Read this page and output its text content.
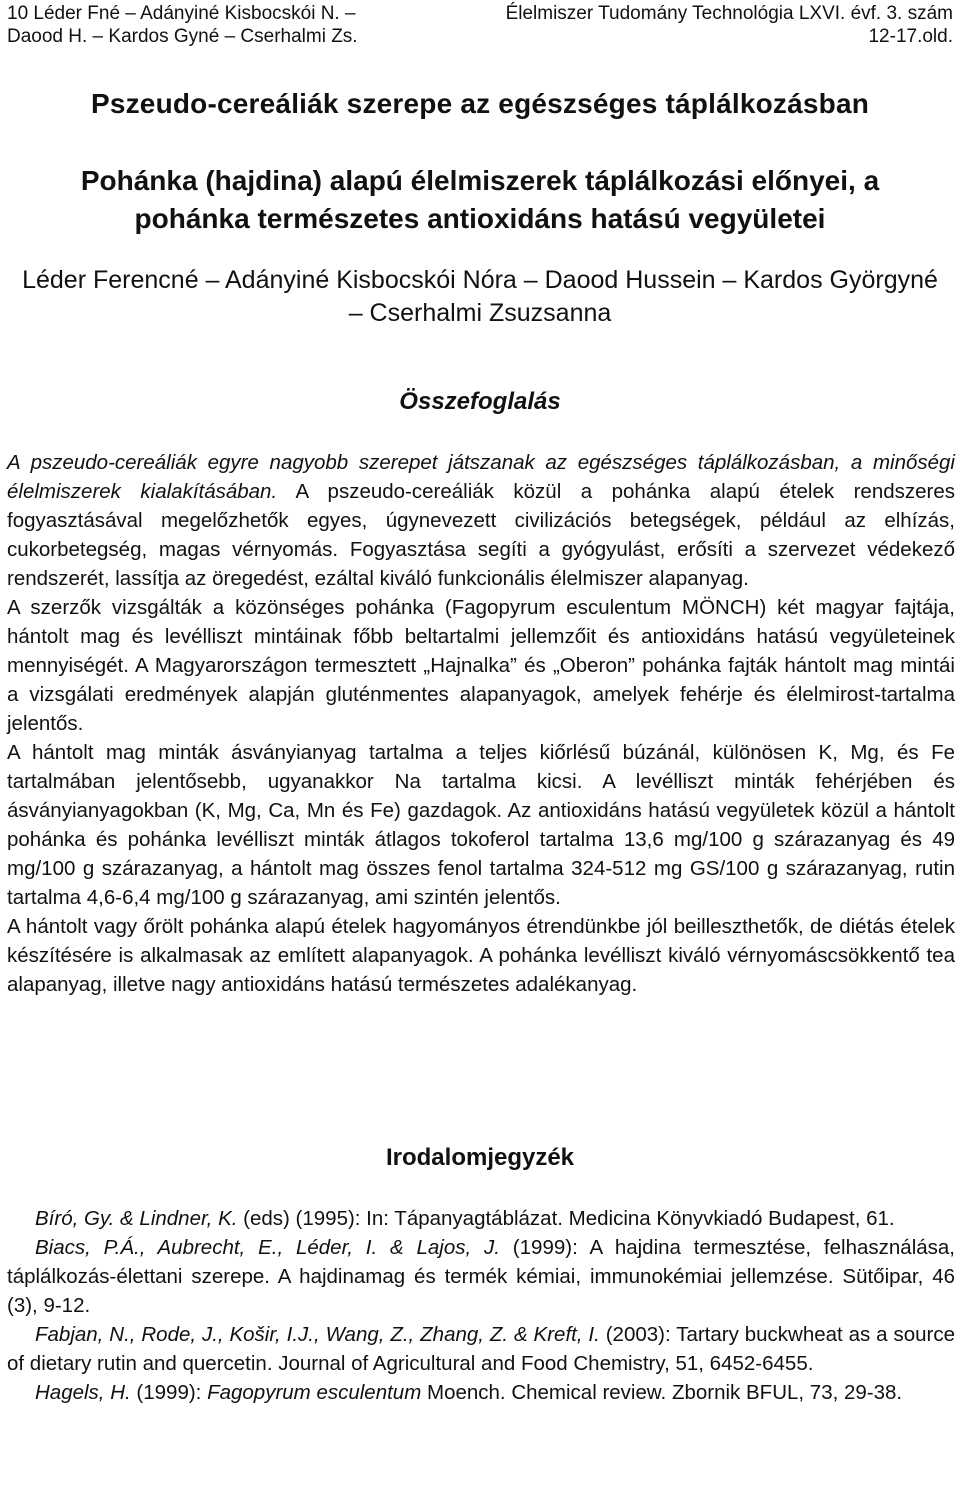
10 Léder Fné – Adányiné Kisbocskói N. –	Élelmiszer Tudomány Technológia LXVI. évf. 3. szám
Daood H. – Kardos Gyné – Cserhalmi Zs.	12-17.old.
Pszeudo-cereáliák szerepe az egészséges táplálkozásban
Pohánka (hajdina) alapú élelmiszerek táplálkozási előnyei, a pohánka természetes antioxidáns hatású vegyületei
Léder Ferencné – Adányiné Kisbocskói Nóra – Daood Hussein – Kardos Györgyné – Cserhalmi Zsuzsanna
Összefoglalás

A pszeudo-cereáliák egyre nagyobb szerepet játszanak az egészséges táplálkozásban, a minőségi élelmiszerek kialakításában. A pszeudo-cereáliák közül a pohánka alapú ételek rendszeres fogyasztásával megelőzhetők egyes, úgynevezett civilizációs betegségek, például az elhízás, cukorbetegség, magas vérnyomás. Fogyasztása segíti a gyógyulást, erősíti a szervezet védekező rendszerét, lassítja az öregedést, ezáltal kiváló funkcionális élelmiszer alapanyag.

A szerzők vizsgálták a közönséges pohánka (Fagopyrum esculentum MÖNCH) két magyar fajtája, hántolt mag és levélliszt mintáinak főbb beltartalmi jellemzőit és antioxidáns hatású vegyületeinek mennyiségét. A Magyarországon termesztett „Hajnalka” és „Oberon” pohánka fajták hántolt mag mintái a vizsgálati eredmények alapján gluténmentes alapanyagok, amelyek fehérje és élelmirost-tartalma jelentős.

A hántolt mag minták ásványianyag tartalma a teljes kiőrlésű búzánál, különösen K, Mg, és Fe tartalmában jelentősebb, ugyanakkor Na tartalma kicsi. A levélliszt minták fehérjében és ásványianyagokban (K, Mg, Ca, Mn és Fe) gazdagok. Az antioxidáns hatású vegyületek közül a hántolt pohánka és pohánka levélliszt minták átlagos tokoferol tartalma 13,6 mg/100 g szárazanyag és 49 mg/100 g szárazanyag, a hántolt mag összes fenol tartalma 324-512 mg GS/100 g szárazanyag, rutin tartalma 4,6-6,4 mg/100 g szárazanyag, ami szintén jelentős.

A hántolt vagy őrölt pohánka alapú ételek hagyományos étrendünkbe jól beilleszthetők, de diétás ételek készítésére is alkalmasak az említett alapanyagok. A pohánka levélliszt kiváló vérnyomáscsökkentő tea alapanyag, illetve nagy antioxidáns hatású természetes adalékanyag.

Irodalomjegyzék

Bíró, Gy. & Lindner, K. (eds) (1995): In: Tápanyagtáblázat. Medicina Könyvkiadó Budapest, 61.

Biacs, P.Á., Aubrecht, E., Léder, I. & Lajos, J. (1999): A hajdina termesztése, felhasználása, táplálkozás-élettani szerepe. A hajdinamag és termék kémiai, immunokémiai jellemzése. Sütőipar, 46 (3), 9-12.

Fabjan, N., Rode, J., Košir, I.J., Wang, Z., Zhang, Z. & Kreft, I. (2003): Tartary buckwheat as a source of dietary rutin and quercetin. Journal of Agricultural and Food Chemistry, 51, 6452-6455.

Hagels, H. (1999): Fagopyrum esculentum Moench. Chemical review. Zbornik BFUL, 73, 29-38.
